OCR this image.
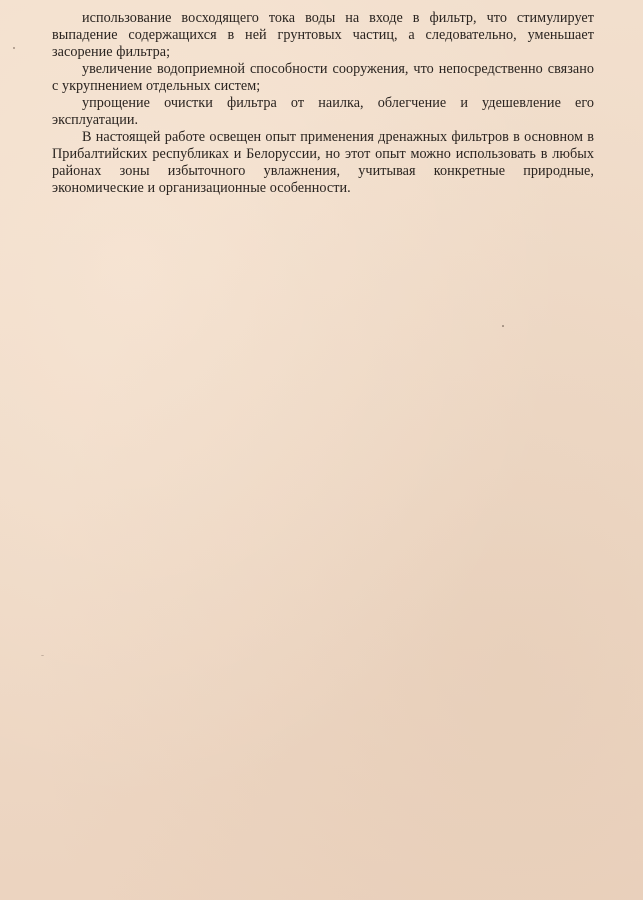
использование восходящего тока воды на входе в фильтр, что стимулирует выпадение содержащихся в ней грунтовых частиц, а следовательно, уменьшает засорение фильтра;

увеличение водоприемной способности сооружения, что непосредственно связано с укрупнением отдельных систем;

упрощение очистки фильтра от наилка, облегчение и удешевление его эксплуатации.

В настоящей работе освещен опыт применения дренажных фильтров в основном в Прибалтийских республиках и Белоруссии, но этот опыт можно использовать в любых районах зоны избыточного увлажнения, учитывая конкретные природные, экономические и организационные особенности.
